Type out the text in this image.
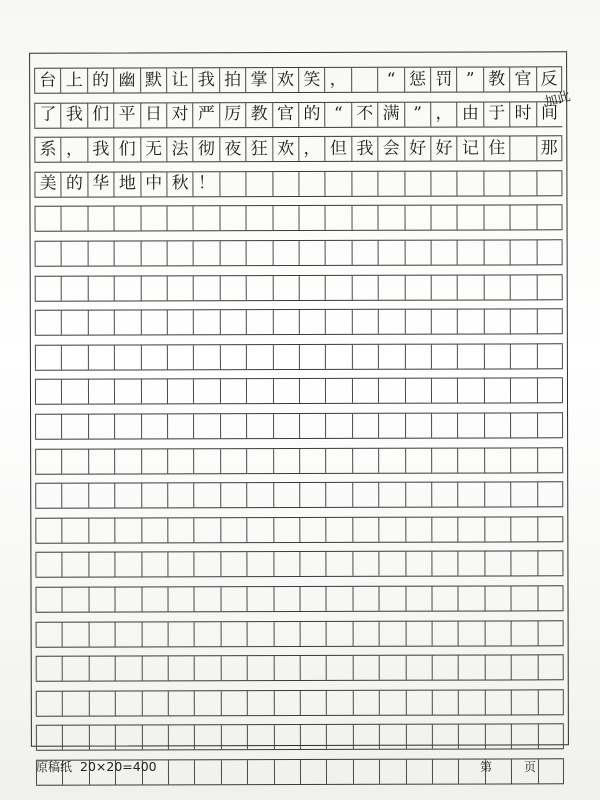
台 上 的 幽 默 让 我 拍 掌 欢 笑 ，	“ 惩 罚 ” 教 官 反
了 我 们 平 日 对 严 厉 教 官 的 “ 不 满 ” ， 由 于 时 间
加此
系 ， 我 们 无 法 彻 夜 狂 欢 ， 但 我 会 好 好 记 住 那
美 的 华 地 中 秋 ！
原稿纸 20×20=400	第	页
